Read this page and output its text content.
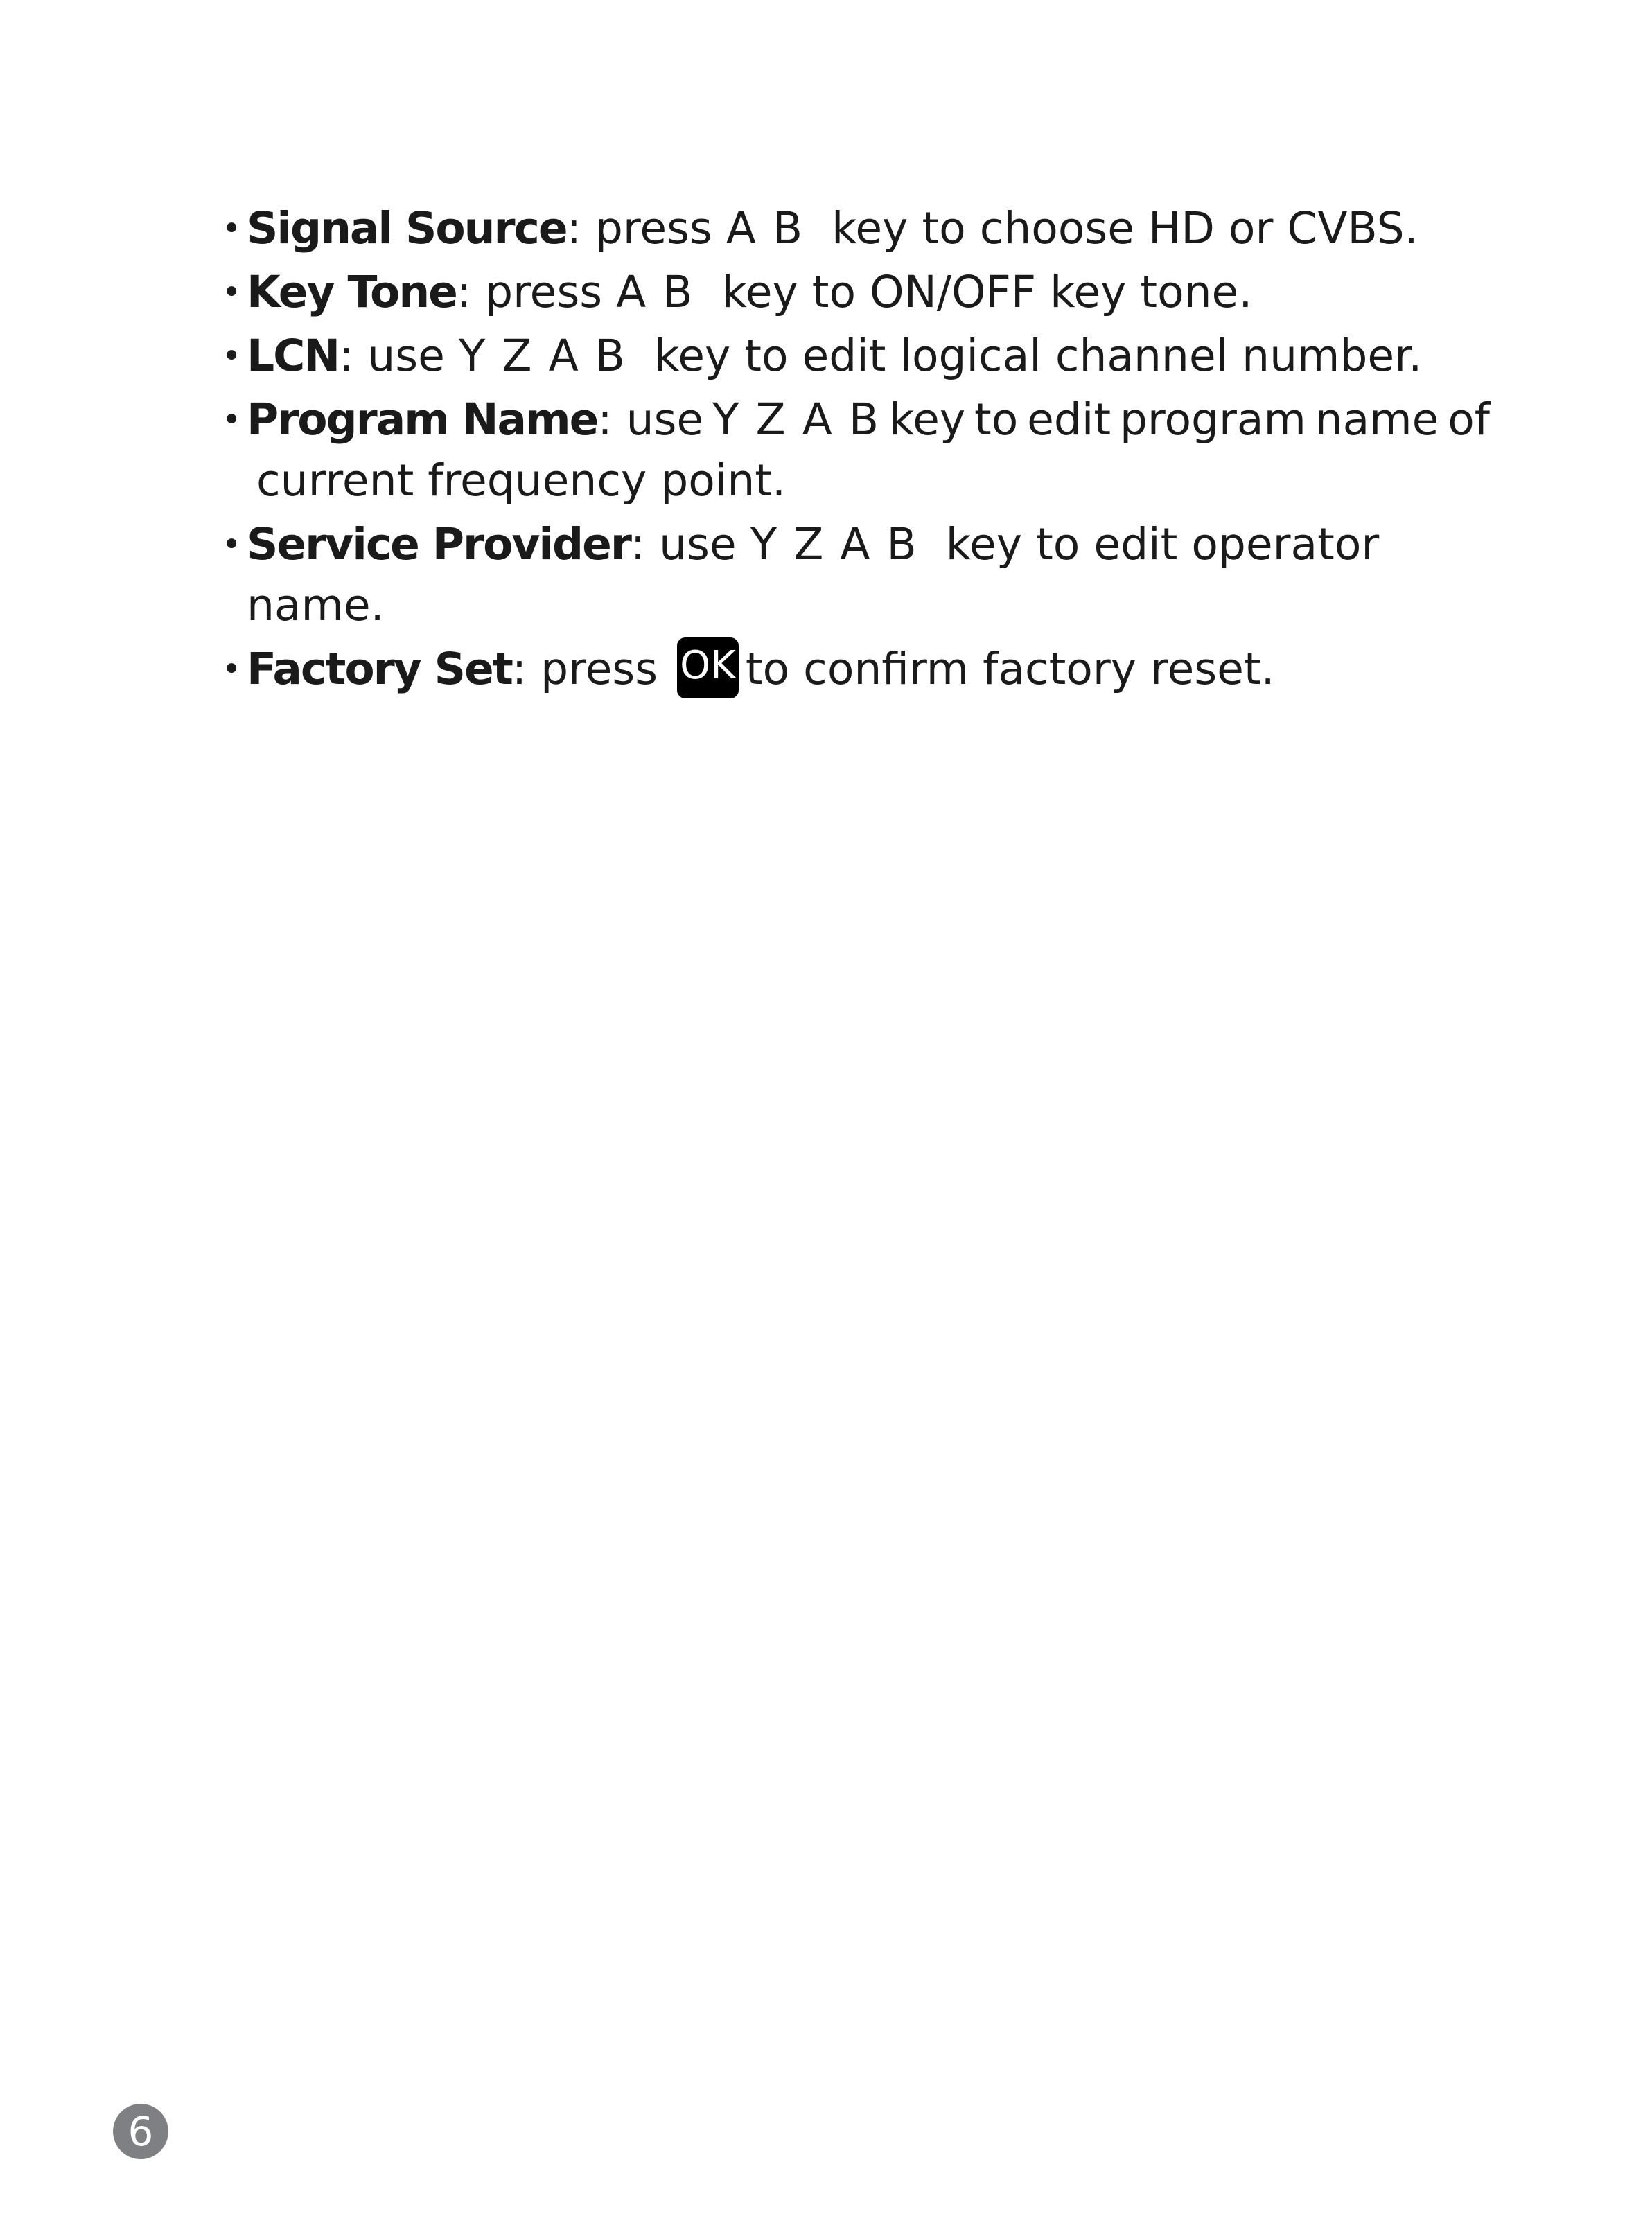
• Signal Source: press A B key to choose HD or CVBS.
• Key Tone: press A B key to ON/OFF key tone.
• LCN: use Y Z A B key to edit logical channel number.
• Program Name: use Y Z A B key to edit program name of
current frequency point.
• Service Provider: use Y Z A B key to edit operator name.
• Factory Set: press OK to confirm factory reset.
6
